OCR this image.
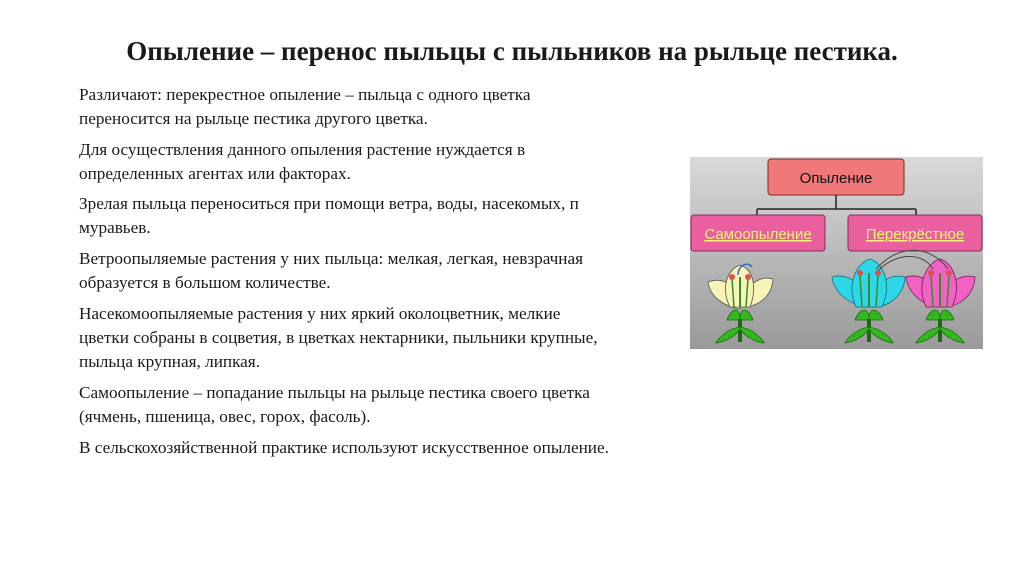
Опыление – перенос пыльцы с пыльников на рыльце пестика.

Различают: перекрестное опыление – пыльца с одного цветка
переносится на рыльце пестика другого цветка.

Для осуществления данного опыления растение нуждается в
определенных агентах или факторах.

Зрелая пыльца переноситься при помощи ветра, воды, насекомых, п
муравьев.

Ветроопыляемые растения у них пыльца: мелкая, легкая, невзрачная
образуется в большом количестве.

Насекомоопыляемые растения у них яркий околоцветник, мелкие
цветки собраны в соцветия, в цветках нектарники, пыльники крупные,
пыльца крупная, липкая.

Самоопыление – попадание пыльцы на рыльце пестика своего цветка
(ячмень, пшеница, овес, горох, фасоль).

В сельскохозяйственной практике используют искусственное опыление.

Опыление
Самоопыление	Перекрёстное
